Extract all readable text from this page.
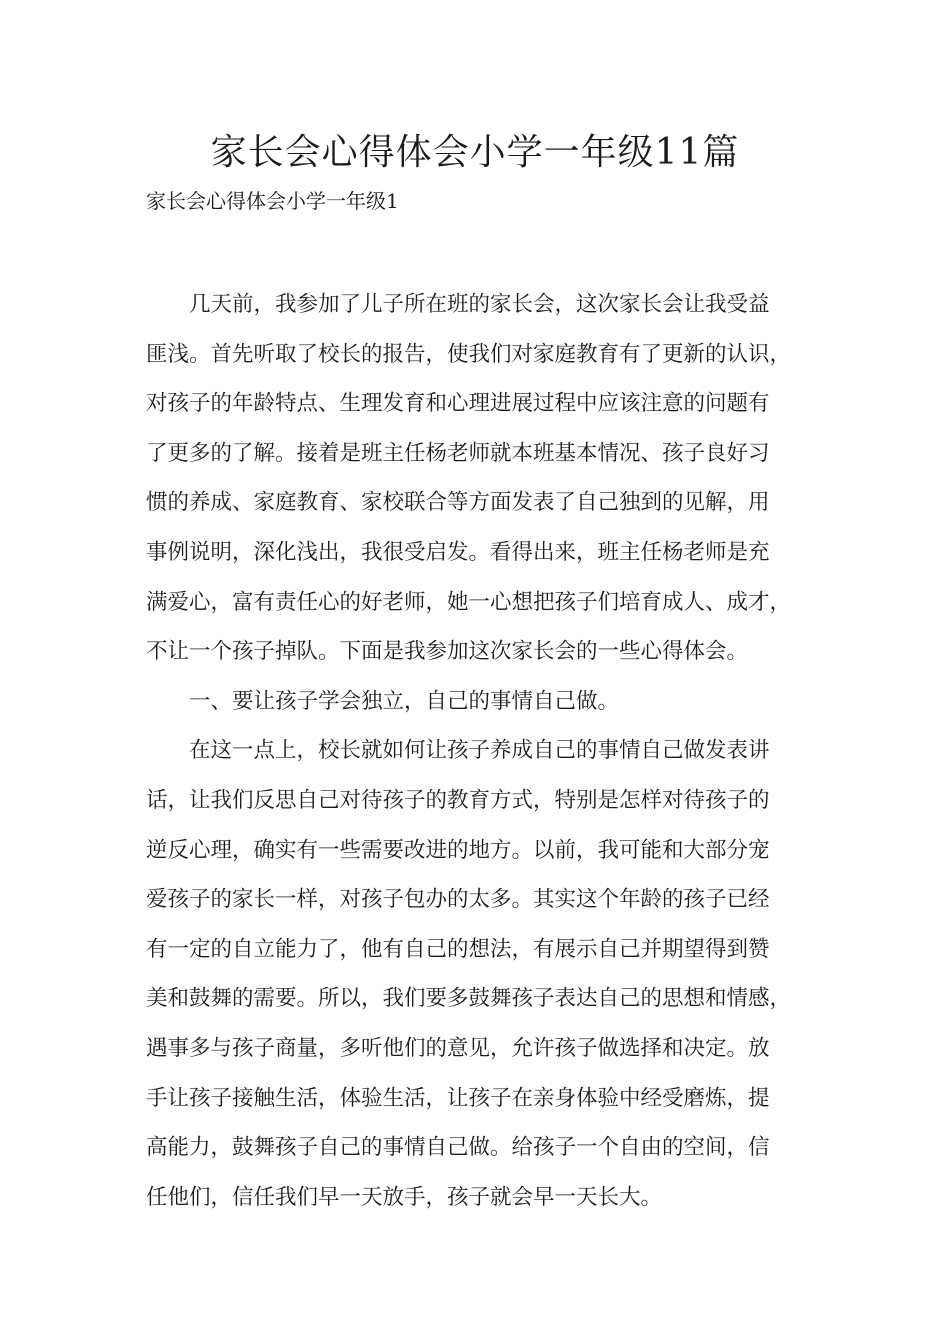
家长会心得体会小学一年级11篇

家长会心得体会小学一年级1

几天前，我参加了儿子所在班的家长会，这次家长会让我受益

匪浅。首先听取了校长的报告，使我们对家庭教育有了更新的认识，

对孩子的年龄特点、生理发育和心理进展过程中应该注意的问题有

了更多的了解。接着是班主任杨老师就本班基本情况、孩子良好习

惯的养成、家庭教育、家校联合等方面发表了自己独到的见解，用

事例说明，深化浅出，我很受启发。看得出来，班主任杨老师是充

满爱心，富有责任心的好老师，她一心想把孩子们培育成人、成才，

不让一个孩子掉队。下面是我参加这次家长会的一些心得体会。

一、要让孩子学会独立，自己的事情自己做。

在这一点上，校长就如何让孩子养成自己的事情自己做发表讲

话，让我们反思自己对待孩子的教育方式，特别是怎样对待孩子的

逆反心理，确实有一些需要改进的地方。以前，我可能和大部分宠

爱孩子的家长一样，对孩子包办的太多。其实这个年龄的孩子已经

有一定的自立能力了，他有自己的想法，有展示自己并期望得到赞

美和鼓舞的需要。所以，我们要多鼓舞孩子表达自己的思想和情感，

遇事多与孩子商量，多听他们的意见，允许孩子做选择和决定。放

手让孩子接触生活，体验生活，让孩子在亲身体验中经受磨炼，提

高能力，鼓舞孩子自己的事情自己做。给孩子一个自由的空间，信

任他们，信任我们早一天放手，孩子就会早一天长大。
